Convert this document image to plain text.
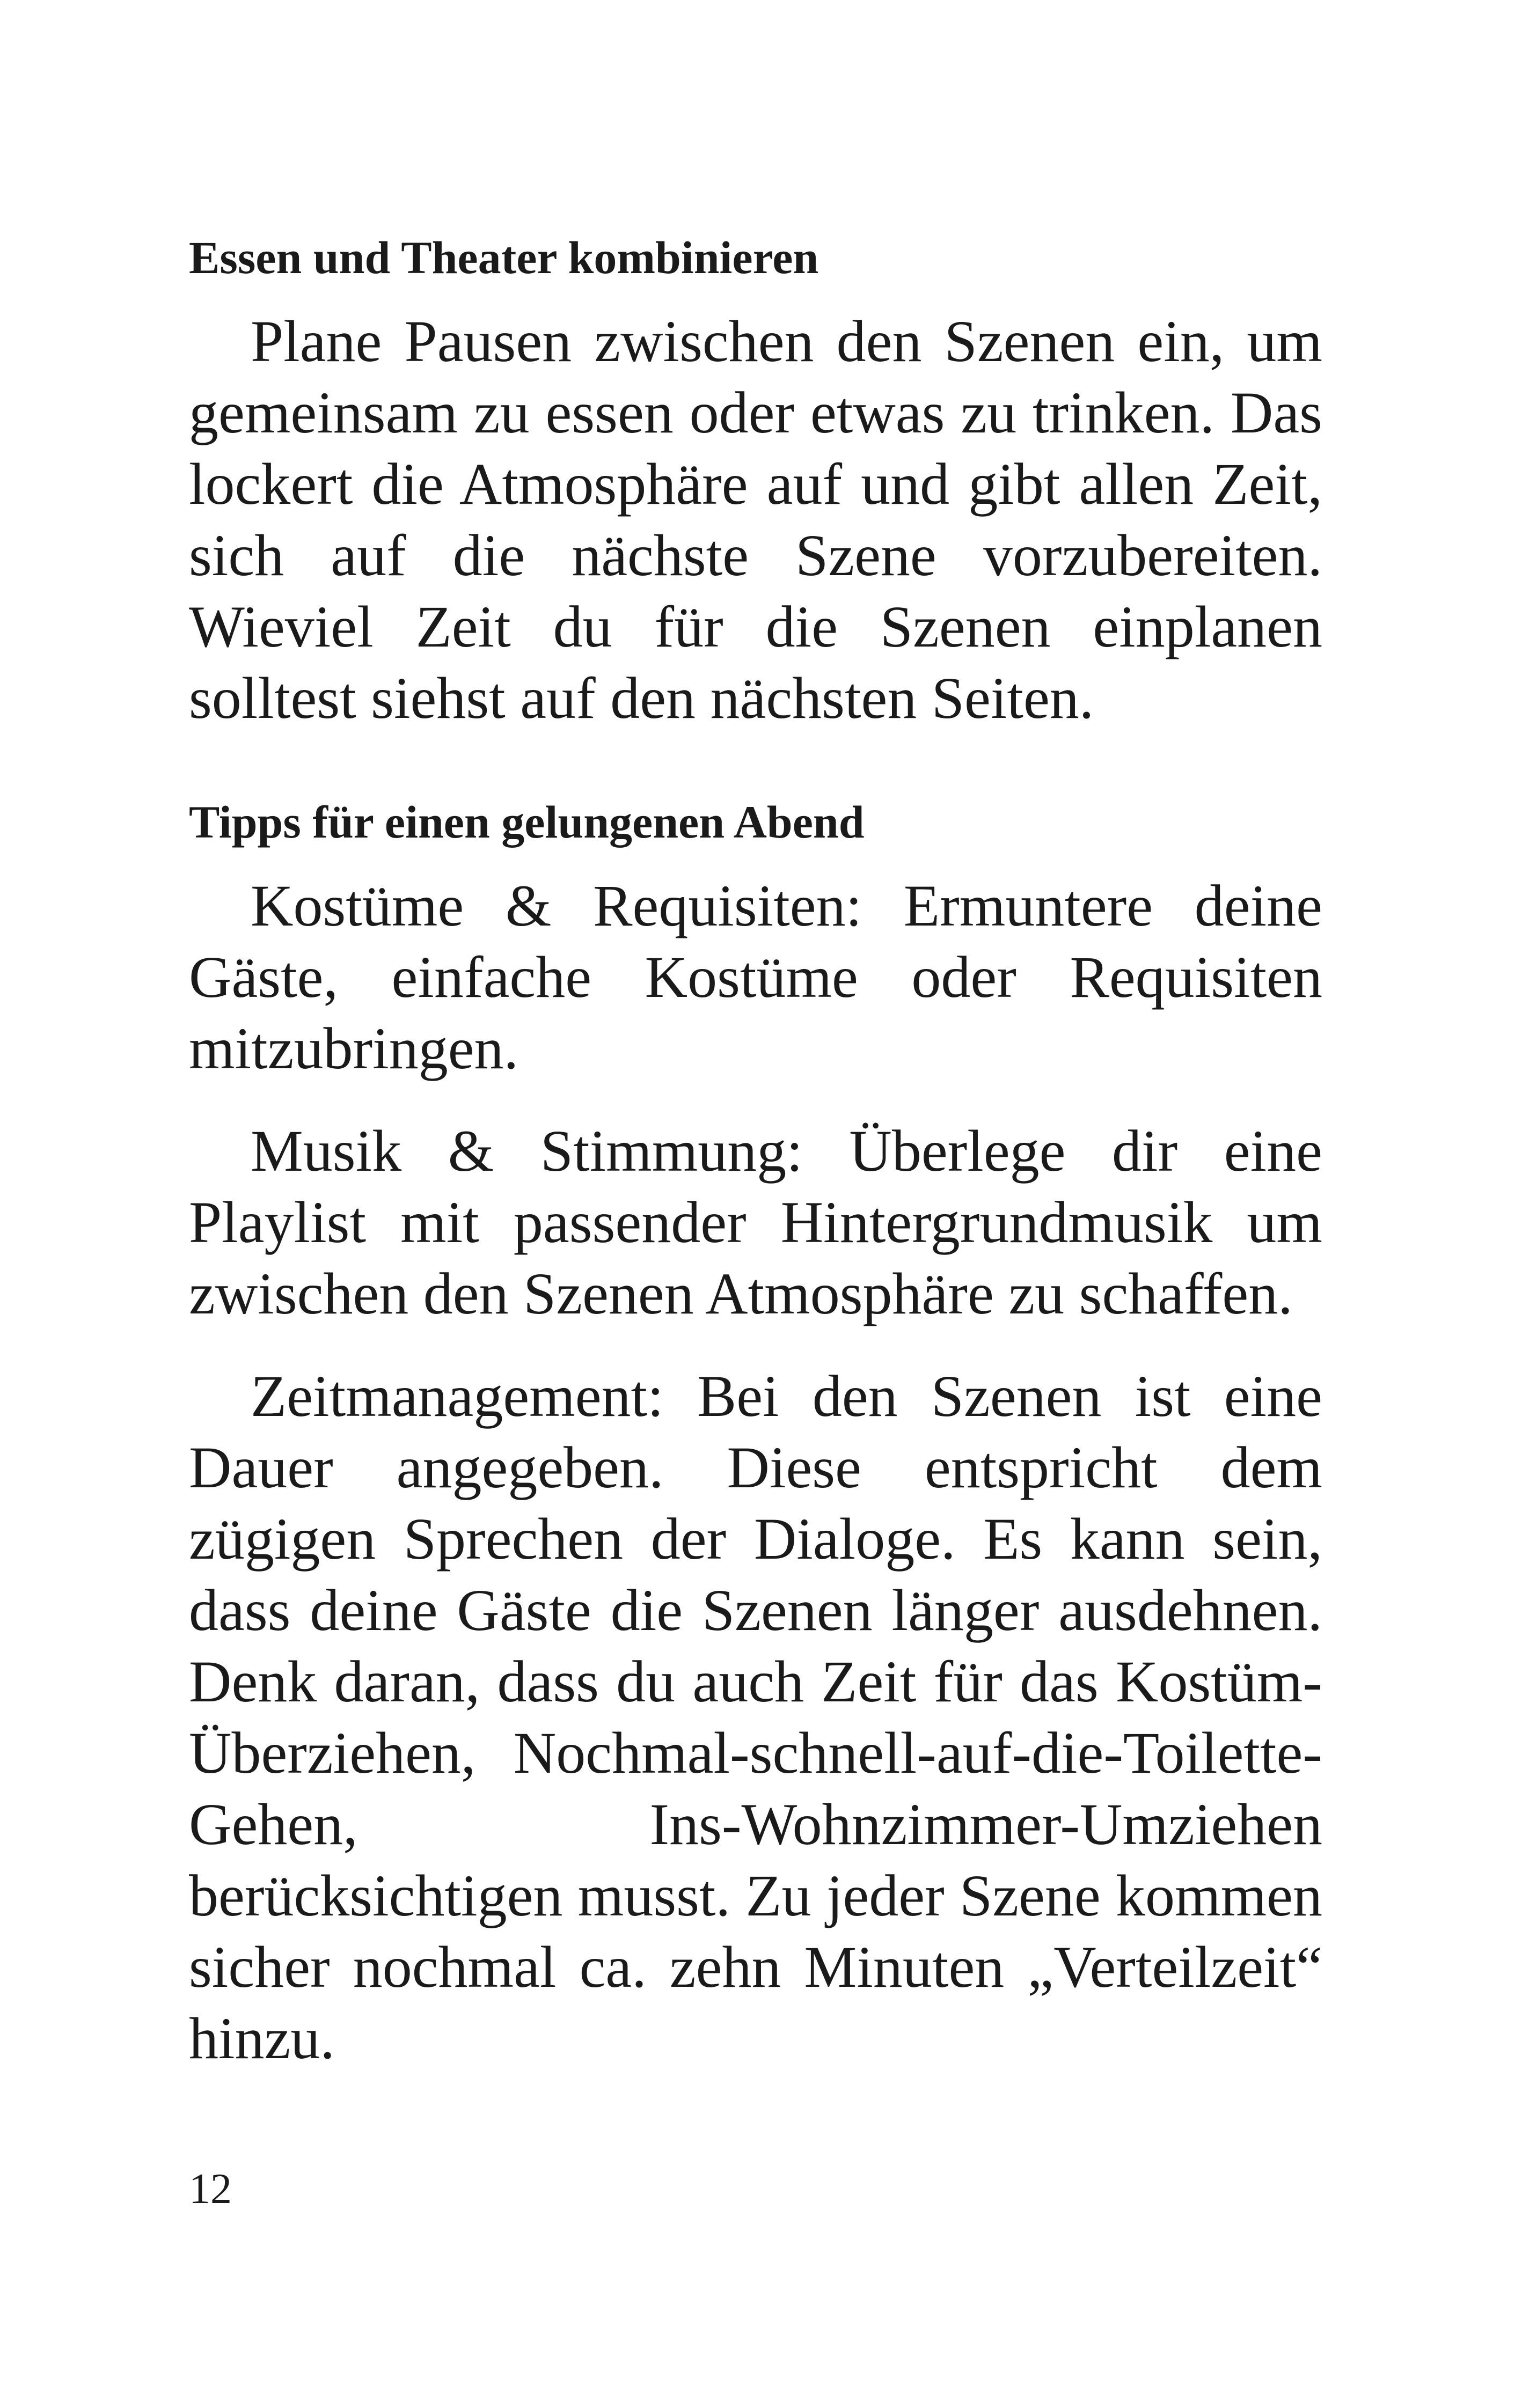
Essen und Theater kombinieren

Plane Pausen zwischen den Szenen ein, um gemeinsam zu essen oder etwas zu trinken. Das lockert die Atmosphäre auf und gibt allen Zeit, sich auf die nächste Szene vorzubereiten. Wieviel Zeit du für die Szenen einplanen solltest siehst auf den nächsten Seiten.

Tipps für einen gelungenen Abend

Kostüme & Requisiten: Ermuntere deine Gäste, einfache Kostüme oder Requisiten mitzubringen.

Musik & Stimmung: Überlege dir eine Playlist mit passender Hintergrundmusik um zwischen den Szenen Atmosphäre zu schaffen.

Zeitmanagement: Bei den Szenen ist eine Dauer angegeben. Diese entspricht dem zügigen Sprechen der Dialoge. Es kann sein, dass deine Gäste die Szenen länger ausdehnen. Denk daran, dass du auch Zeit für das Kostüm-Überziehen, Nochmal-schnell-auf-die-Toilette-Gehen, Ins-Wohnzimmer-Umziehen berücksichtigen musst. Zu jeder Szene kommen sicher nochmal ca. zehn Minuten „Verteilzeit“ hinzu.

12
